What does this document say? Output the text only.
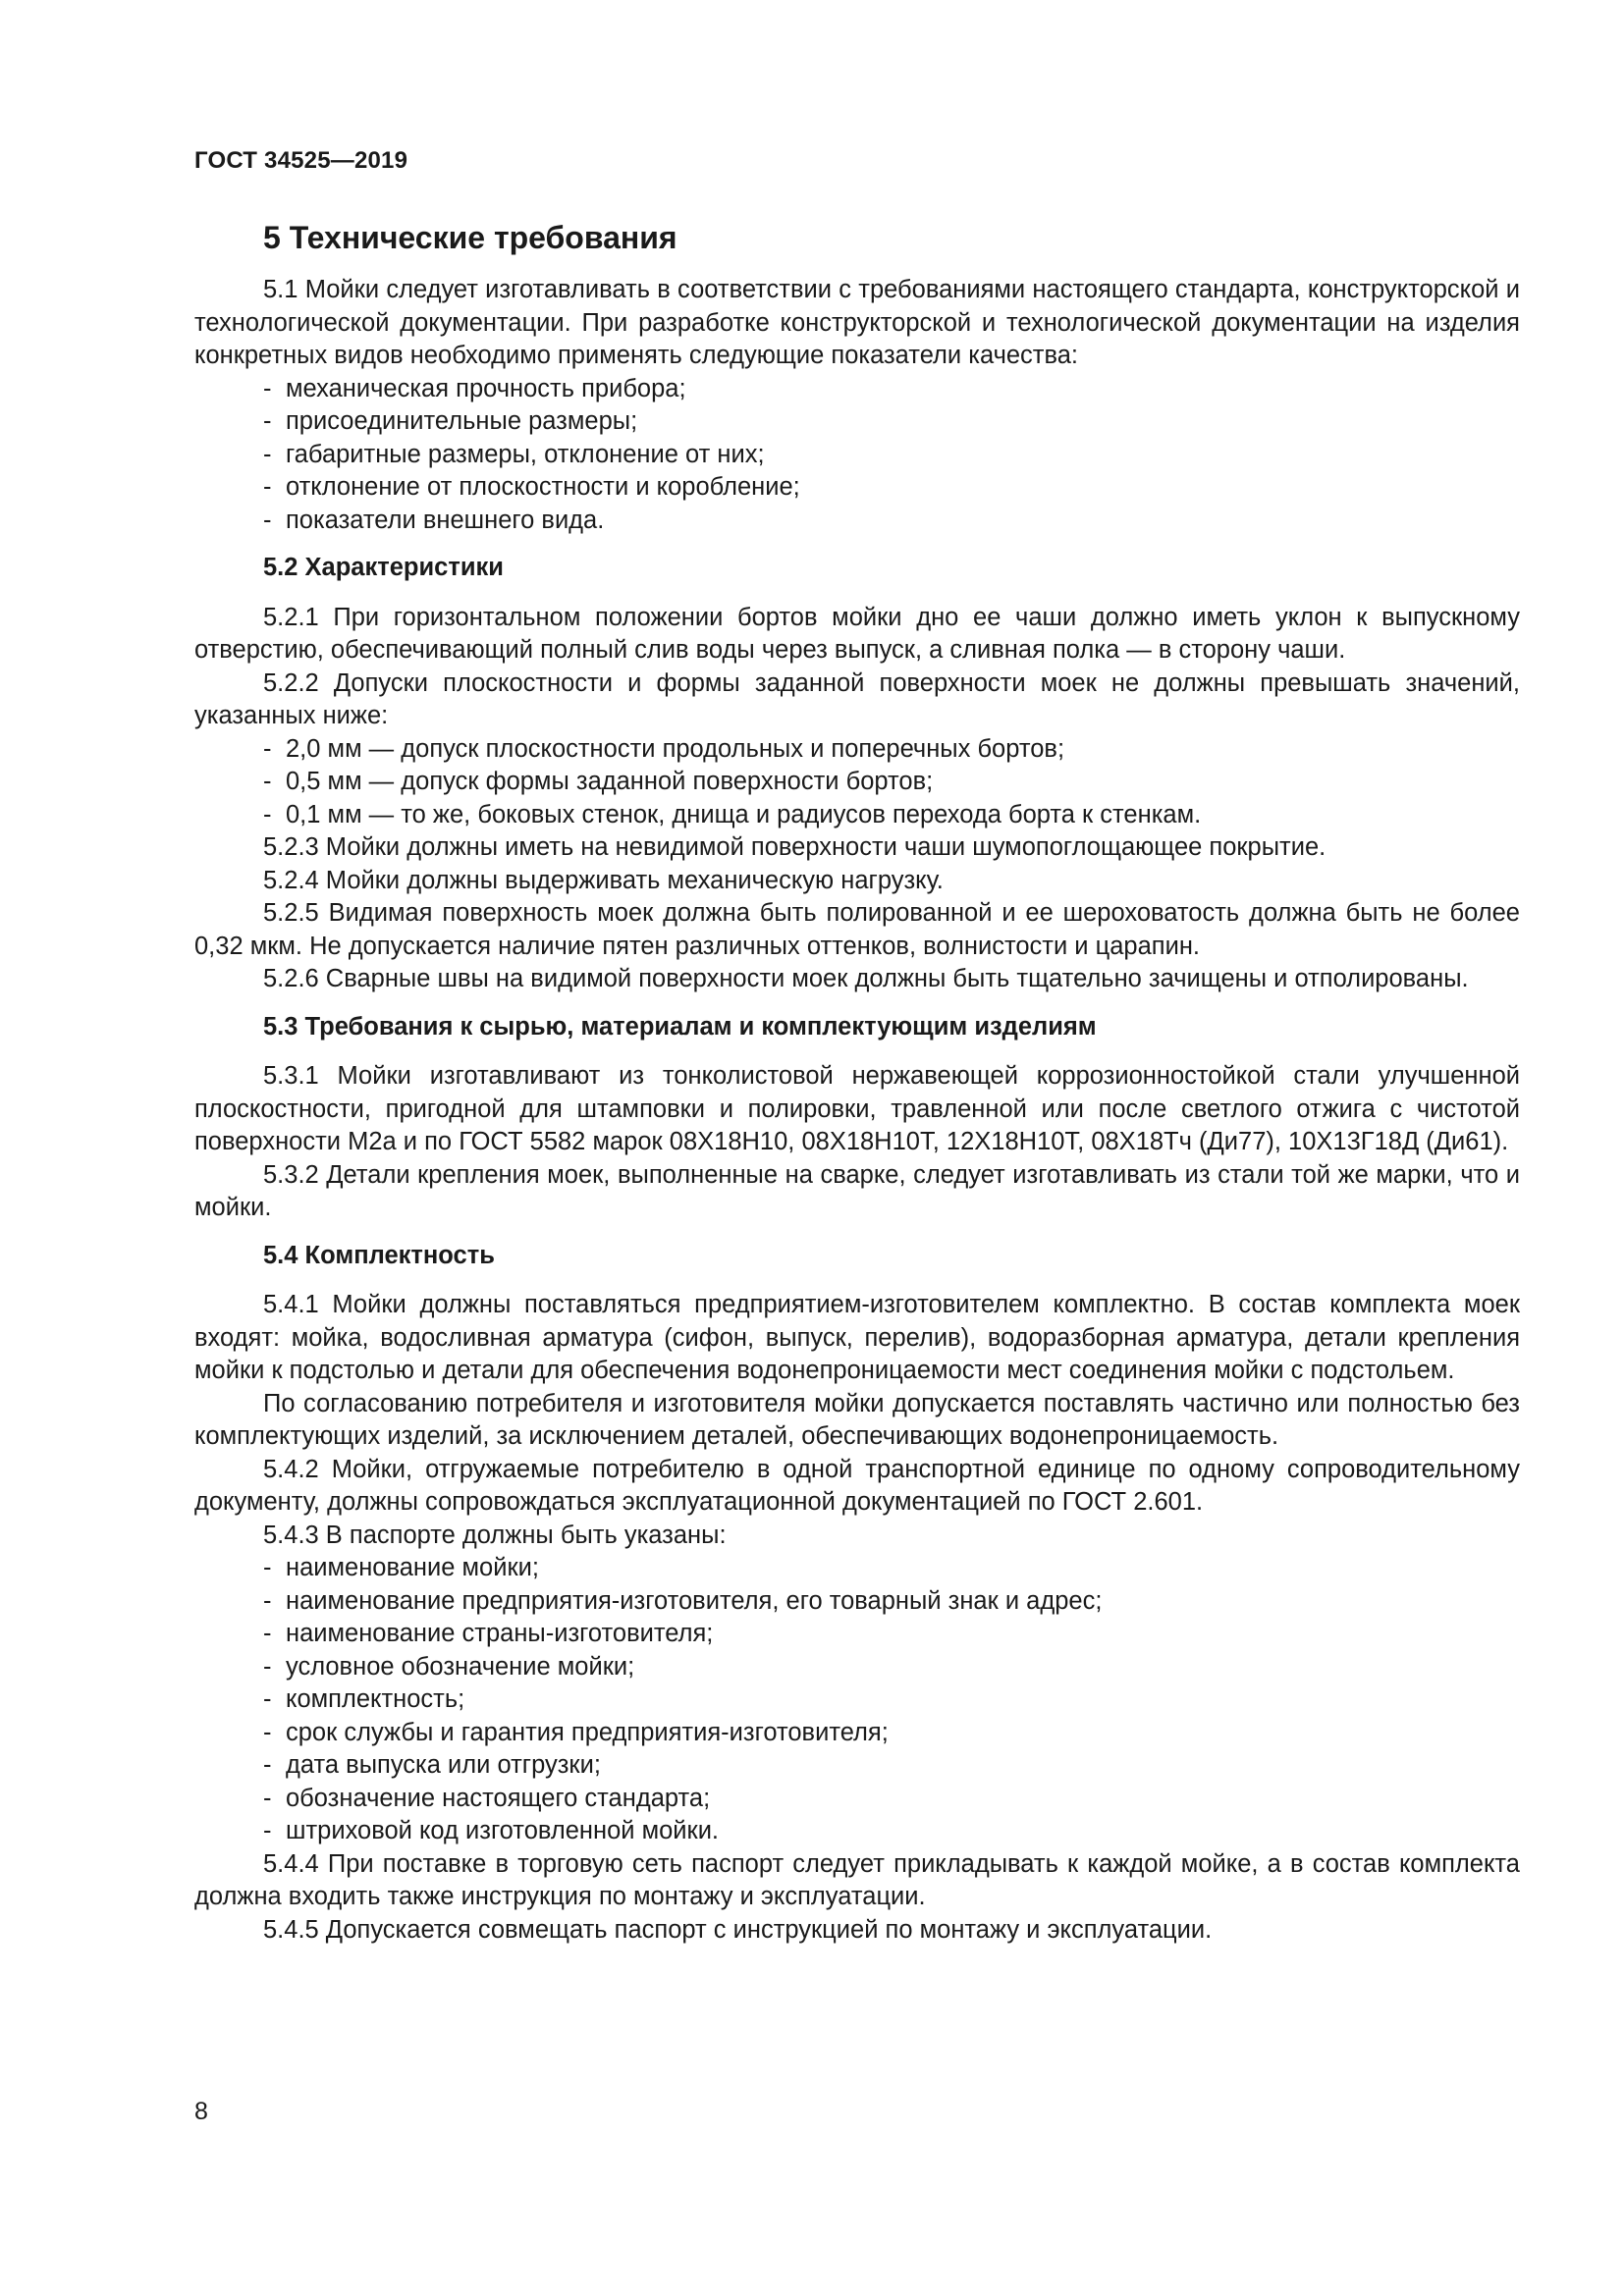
ГОСТ 34525—2019
5 Технические требования

5.1 Мойки следует изготавливать в соответствии с требованиями настоящего стандарта, конструкторской и технологической документации. При разработке конструкторской и технологической документации на изделия конкретных видов необходимо применять следующие показатели качества:

- механическая прочность прибора;
- присоединительные размеры;
- габаритные размеры, отклонение от них;
- отклонение от плоскостности и коробление;
- показатели внешнего вида.
5.2 Характеристики

5.2.1 При горизонтальном положении бортов мойки дно ее чаши должно иметь уклон к выпускному отверстию, обеспечивающий полный слив воды через выпуск, а сливная полка — в сторону чаши.

5.2.2 Допуски плоскостности и формы заданной поверхности моек не должны превышать значений, указанных ниже:

- 2,0 мм — допуск плоскостности продольных и поперечных бортов;
- 0,5 мм — допуск формы заданной поверхности бортов;
- 0,1 мм — то же, боковых стенок, днища и радиусов перехода борта к стенкам.

5.2.3 Мойки должны иметь на невидимой поверхности чаши шумопоглощающее покрытие.

5.2.4 Мойки должны выдерживать механическую нагрузку.

5.2.5 Видимая поверхность моек должна быть полированной и ее шероховатость должна быть не более 0,32 мкм. Не допускается наличие пятен различных оттенков, волнистости и царапин.

5.2.6 Сварные швы на видимой поверхности моек должны быть тщательно зачищены и отполированы.

5.3 Требования к сырью, материалам и комплектующим изделиям

5.3.1 Мойки изготавливают из тонколистовой нержавеющей коррозионностойкой стали улучшенной плоскостности, пригодной для штамповки и полировки, травленной или после светлого отжига с чистотой поверхности М2а и по ГОСТ 5582 марок 08Х18Н10, 08Х18Н10Т, 12Х18Н10Т, 08Х18Тч (Ди77), 10Х13Г18Д (Ди61).

5.3.2 Детали крепления моек, выполненные на сварке, следует изготавливать из стали той же марки, что и мойки.

5.4 Комплектность

5.4.1 Мойки должны поставляться предприятием-изготовителем комплектно. В состав комплекта моек входят: мойка, водосливная арматура (сифон, выпуск, перелив), водоразборная арматура, детали крепления мойки к подстолью и детали для обеспечения водонепроницаемости мест соединения мойки с подстольем.

По согласованию потребителя и изготовителя мойки допускается поставлять частично или полностью без комплектующих изделий, за исключением деталей, обеспечивающих водонепроницаемость.

5.4.2 Мойки, отгружаемые потребителю в одной транспортной единице по одному сопроводительному документу, должны сопровождаться эксплуатационной документацией по ГОСТ 2.601.

5.4.3 В паспорте должны быть указаны:

- наименование мойки;
- наименование предприятия-изготовителя, его товарный знак и адрес;
- наименование страны-изготовителя;
- условное обозначение мойки;
- комплектность;
- срок службы и гарантия предприятия-изготовителя;
- дата выпуска или отгрузки;
- обозначение настоящего стандарта;
- штриховой код изготовленной мойки.

5.4.4 При поставке в торговую сеть паспорт следует прикладывать к каждой мойке, а в состав комплекта должна входить также инструкция по монтажу и эксплуатации.

5.4.5 Допускается совмещать паспорт с инструкцией по монтажу и эксплуатации.

8
